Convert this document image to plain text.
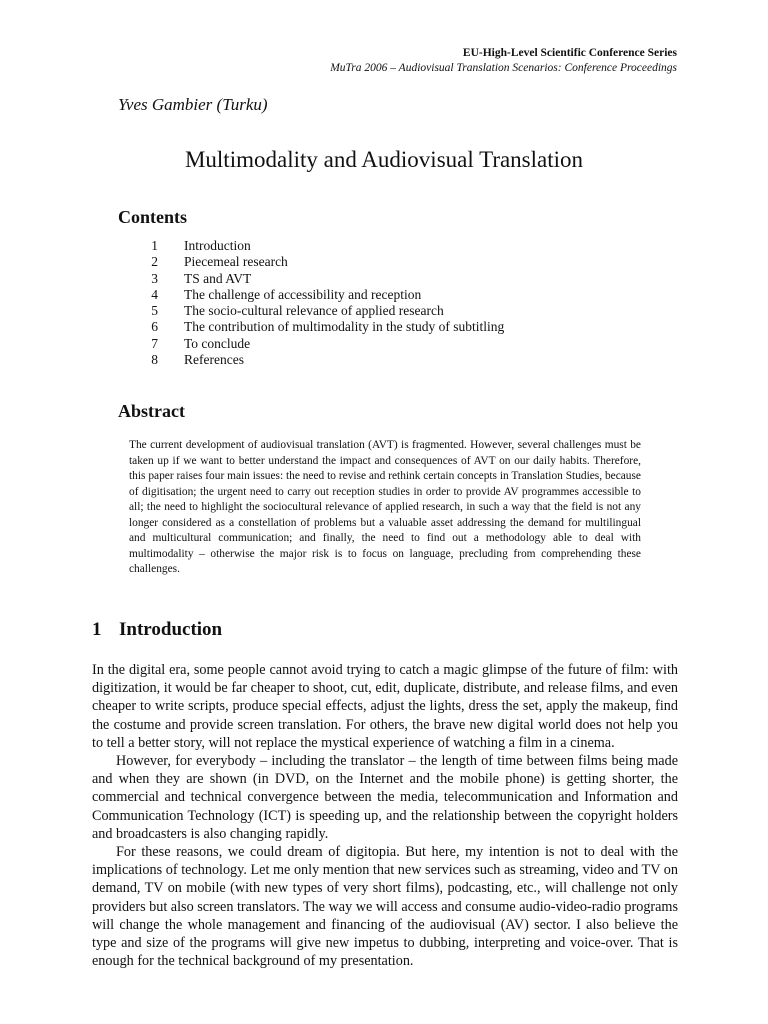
EU-High-Level Scientific Conference Series
MuTra 2006 – Audiovisual Translation Scenarios: Conference Proceedings
Yves Gambier (Turku)
Multimodality and Audiovisual Translation
Contents
1	Introduction
2	Piecemeal research
3	TS and AVT
4	The challenge of accessibility and reception
5	The socio-cultural relevance of applied research
6	The contribution of multimodality in the study of subtitling
7	To conclude
8	References
Abstract

The current development of audiovisual translation (AVT) is fragmented. However, several challenges must be taken up if we want to better understand the impact and consequences of AVT on our daily habits. Therefore, this paper raises four main issues: the need to revise and rethink certain concepts in Translation Studies, because of digitisation; the urgent need to carry out reception studies in order to provide AV programmes accessible to all; the need to highlight the sociocultural relevance of applied research, in such a way that the field is not any longer considered as a constellation of problems but a valuable asset addressing the demand for multilingual and multicultural communication; and finally, the need to find out a methodology able to deal with multimodality – otherwise the major risk is to focus on language, precluding from comprehending these challenges.

1 Introduction

In the digital era, some people cannot avoid trying to catch a magic glimpse of the future of film: with digitization, it would be far cheaper to shoot, cut, edit, duplicate, distribute, and release films, and even cheaper to write scripts, produce special effects, adjust the lights, dress the set, apply the makeup, find the costume and provide screen translation. For others, the brave new digital world does not help you to tell a better story, will not replace the mystical experience of watching a film in a cinema.

However, for everybody – including the translator – the length of time between films being made and when they are shown (in DVD, on the Internet and the mobile phone) is getting shorter, the commercial and technical convergence between the media, telecommunication and Information and Communication Technology (ICT) is speeding up, and the relationship between the copyright holders and broadcasters is also changing rapidly.

For these reasons, we could dream of digitopia. But here, my intention is not to deal with the implications of technology. Let me only mention that new services such as streaming, video and TV on demand, TV on mobile (with new types of very short films), podcasting, etc., will challenge not only providers but also screen translators. The way we will access and consume audio-video-radio programs will change the whole management and financing of the audiovisual (AV) sector. I also believe the type and size of the programs will give new impetus to dubbing, interpreting and voice-over. That is enough for the technical background of my presentation.
